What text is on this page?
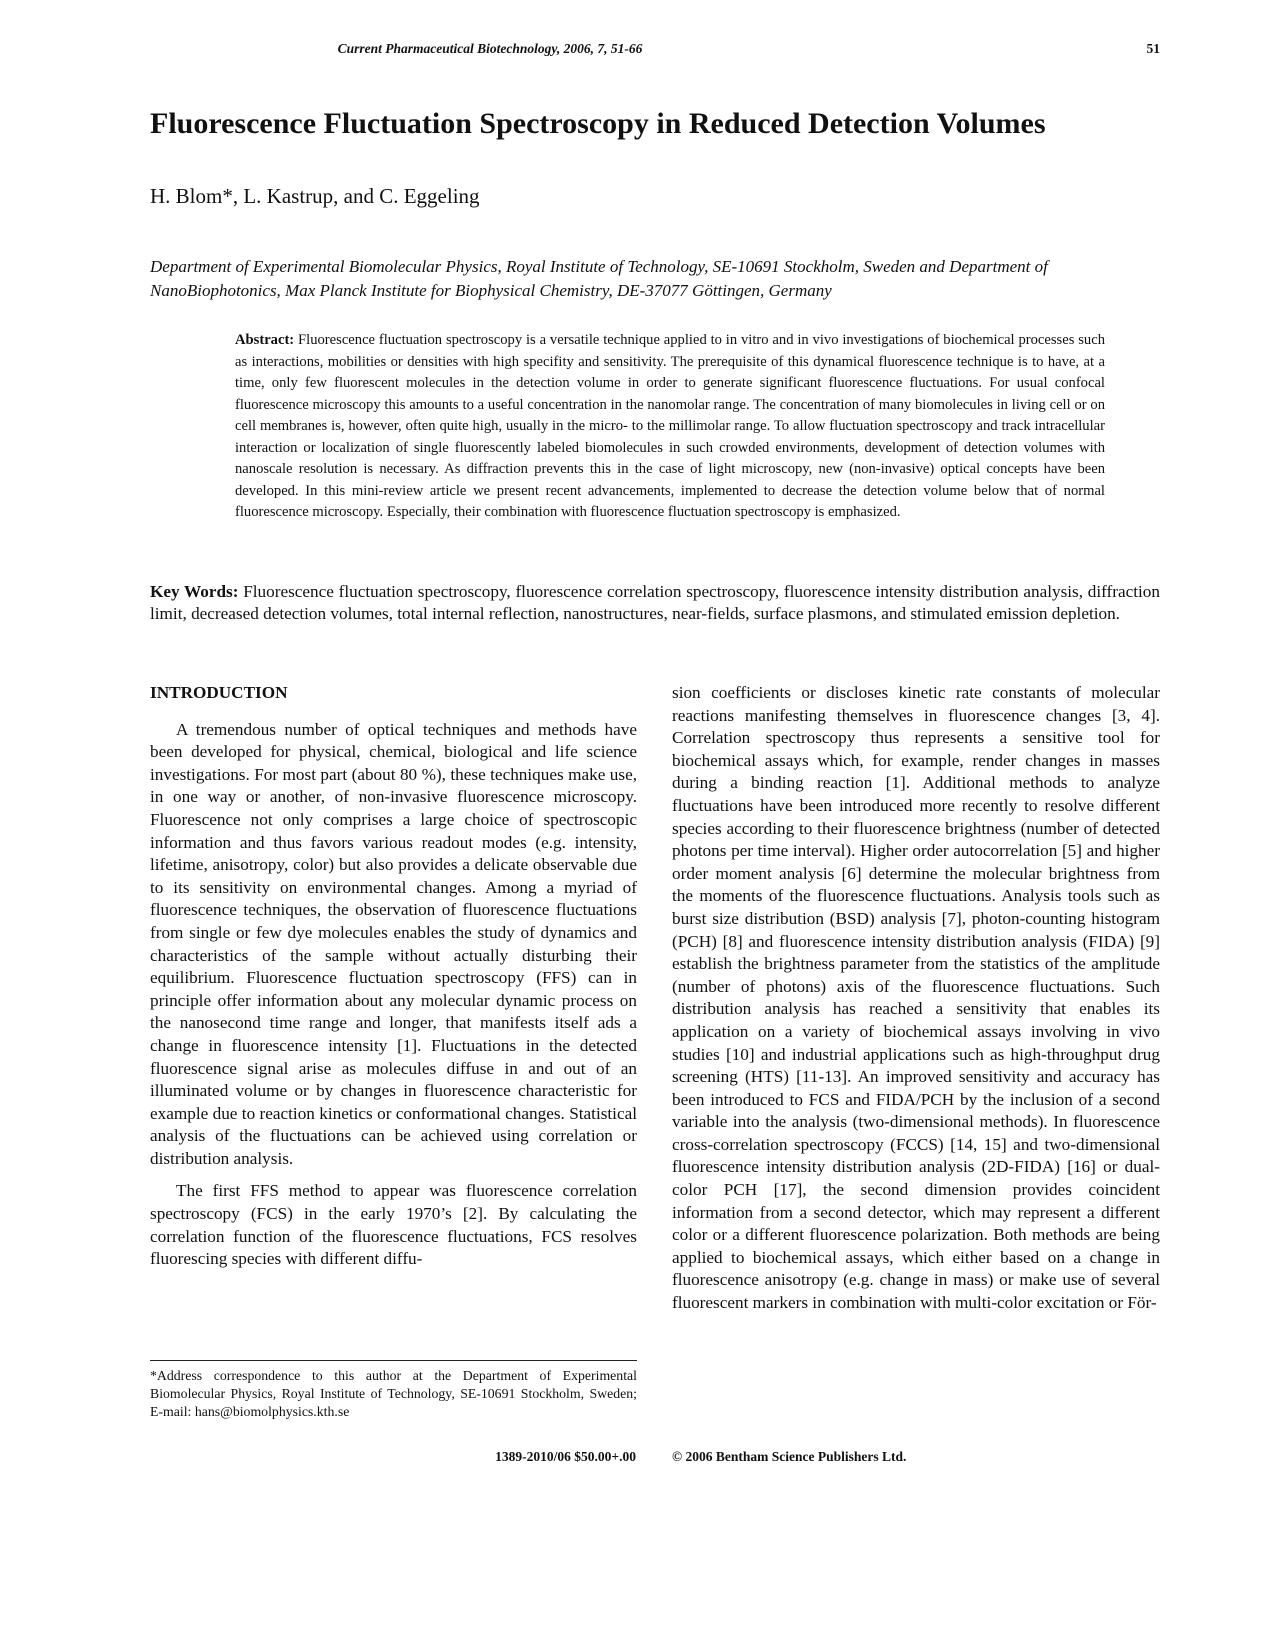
Current Pharmaceutical Biotechnology, 2006, 7, 51-66	51
Fluorescence Fluctuation Spectroscopy in Reduced Detection Volumes
H. Blom*, L. Kastrup, and C. Eggeling
Department of Experimental Biomolecular Physics, Royal Institute of Technology, SE-10691 Stockholm, Sweden and Department of NanoBiophotonics, Max Planck Institute for Biophysical Chemistry, DE-37077 Göttingen, Germany
Abstract: Fluorescence fluctuation spectroscopy is a versatile technique applied to in vitro and in vivo investigations of biochemical processes such as interactions, mobilities or densities with high specifity and sensitivity. The prerequisite of this dynamical fluorescence technique is to have, at a time, only few fluorescent molecules in the detection volume in order to generate significant fluorescence fluctuations. For usual confocal fluorescence microscopy this amounts to a useful concentration in the nanomolar range. The concentration of many biomolecules in living cell or on cell membranes is, however, often quite high, usually in the micro- to the millimolar range. To allow fluctuation spectroscopy and track intracellular interaction or localization of single fluorescently labeled biomolecules in such crowded environments, development of detection volumes with nanoscale resolution is necessary. As diffraction prevents this in the case of light microscopy, new (non-invasive) optical concepts have been developed. In this mini-review article we present recent advancements, implemented to decrease the detection volume below that of normal fluorescence microscopy. Especially, their combination with fluorescence fluctuation spectroscopy is emphasized.
Key Words: Fluorescence fluctuation spectroscopy, fluorescence correlation spectroscopy, fluorescence intensity distribution analysis, diffraction limit, decreased detection volumes, total internal reflection, nanostructures, near-fields, surface plasmons, and stimulated emission depletion.
INTRODUCTION

A tremendous number of optical techniques and methods have been developed for physical, chemical, biological and life science investigations. For most part (about 80 %), these techniques make use, in one way or another, of non-invasive fluorescence microscopy. Fluorescence not only comprises a large choice of spectroscopic information and thus favors various readout modes (e.g. intensity, lifetime, anisotropy, color) but also provides a delicate observable due to its sensitivity on environmental changes. Among a myriad of fluorescence techniques, the observation of fluorescence fluctuations from single or few dye molecules enables the study of dynamics and characteristics of the sample without actually disturbing their equilibrium. Fluorescence fluctuation spectroscopy (FFS) can in principle offer information about any molecular dynamic process on the nanosecond time range and longer, that manifests itself ads a change in fluorescence intensity [1]. Fluctuations in the detected fluorescence signal arise as molecules diffuse in and out of an illuminated volume or by changes in fluorescence characteristic for example due to reaction kinetics or conformational changes. Statistical analysis of the fluctuations can be achieved using correlation or distribution analysis.

The first FFS method to appear was fluorescence correlation spectroscopy (FCS) in the early 1970’s [2]. By calculating the correlation function of the fluorescence fluctuations, FCS resolves fluorescing species with different diffu-

sion coefficients or discloses kinetic rate constants of molecular reactions manifesting themselves in fluorescence changes [3, 4]. Correlation spectroscopy thus represents a sensitive tool for biochemical assays which, for example, render changes in masses during a binding reaction [1]. Additional methods to analyze fluctuations have been introduced more recently to resolve different species according to their fluorescence brightness (number of detected photons per time interval). Higher order autocorrelation [5] and higher order moment analysis [6] determine the molecular brightness from the moments of the fluorescence fluctuations. Analysis tools such as burst size distribution (BSD) analysis [7], photon-counting histogram (PCH) [8] and fluorescence intensity distribution analysis (FIDA) [9] establish the brightness parameter from the statistics of the amplitude (number of photons) axis of the fluorescence fluctuations. Such distribution analysis has reached a sensitivity that enables its application on a variety of biochemical assays involving in vivo studies [10] and industrial applications such as high-throughput drug screening (HTS) [11-13]. An improved sensitivity and accuracy has been introduced to FCS and FIDA/PCH by the inclusion of a second variable into the analysis (two-dimensional methods). In fluorescence cross-correlation spectroscopy (FCCS) [14, 15] and two-dimensional fluorescence intensity distribution analysis (2D-FIDA) [16] or dual-color PCH [17], the second dimension provides coincident information from a second detector, which may represent a different color or a different fluorescence polarization. Both methods are being applied to biochemical assays, which either based on a change in fluorescence anisotropy (e.g. change in mass) or make use of several fluorescent markers in combination with multi-color excitation or För-

*Address correspondence to this author at the Department of Experimental Biomolecular Physics, Royal Institute of Technology, SE-10691 Stockholm, Sweden; E-mail: hans@biomolphysics.kth.se
1389-2010/06 $50.00+.00	© 2006 Bentham Science Publishers Ltd.
